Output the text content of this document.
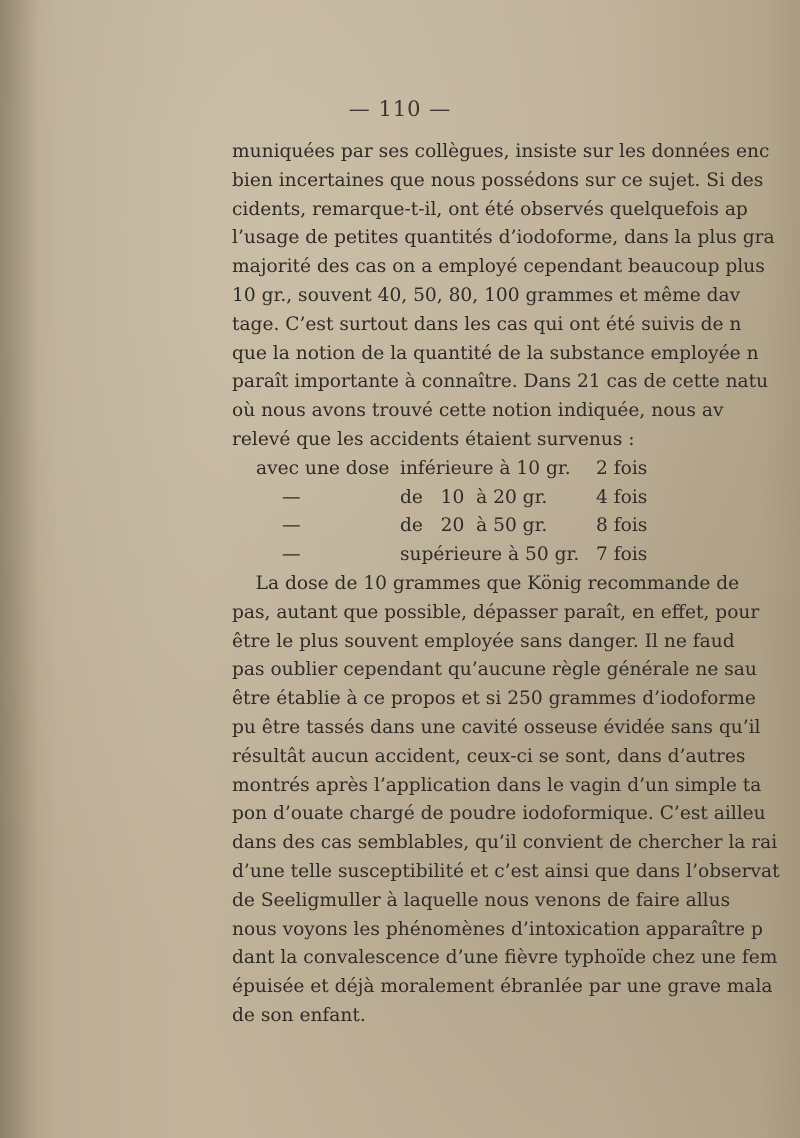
— 110 —
muniquées par ses collègues, insiste sur les données enc
bien incertaines que nous possédons sur ce sujet. Si des
cidents, remarque-t-il, ont été observés quelquefois ap
l’usage de petites quantités d’iodoforme, dans la plus gra
majorité des cas on a employé cependant beaucoup plus
10 gr., souvent 40, 50, 80, 100 grammes et même dav
tage. C’est surtout dans les cas qui ont été suivis de n
que la notion de la quantité de la substance employée n
paraît importante à connaître. Dans 21 cas de cette natu
où nous avons trouvé cette notion indiquée, nous av
relevé que les accidents étaient survenus :
avec une dose inférieure à 10 gr. 2 fois
—	de   10  à 20 gr.	4 fois
—	de   20  à 50 gr.	8 fois
—	supérieure à 50 gr. 7 fois
La dose de 10 grammes que König recommande de
pas, autant que possible, dépasser paraît, en effet, pour
être le plus souvent employée sans danger. Il ne faud
pas oublier cependant qu’aucune règle générale ne sau
être établie à ce propos et si 250 grammes d’iodoforme
pu être tassés dans une cavité osseuse évidée sans qu’il
résultât aucun accident, ceux-ci se sont, dans d’autres
montrés après l’application dans le vagin d’un simple ta
pon d’ouate chargé de poudre iodoformique. C’est ailleu
dans des cas semblables, qu’il convient de chercher la rai
d’une telle susceptibilité et c’est ainsi que dans l’observat
de Seeligmuller à laquelle nous venons de faire allus
nous voyons les phénomènes d’intoxication apparaître p
dant la convalescence d’une fièvre typhoïde chez une fem
épuisée et déjà moralement ébranlée par une grave mala
de son enfant.
